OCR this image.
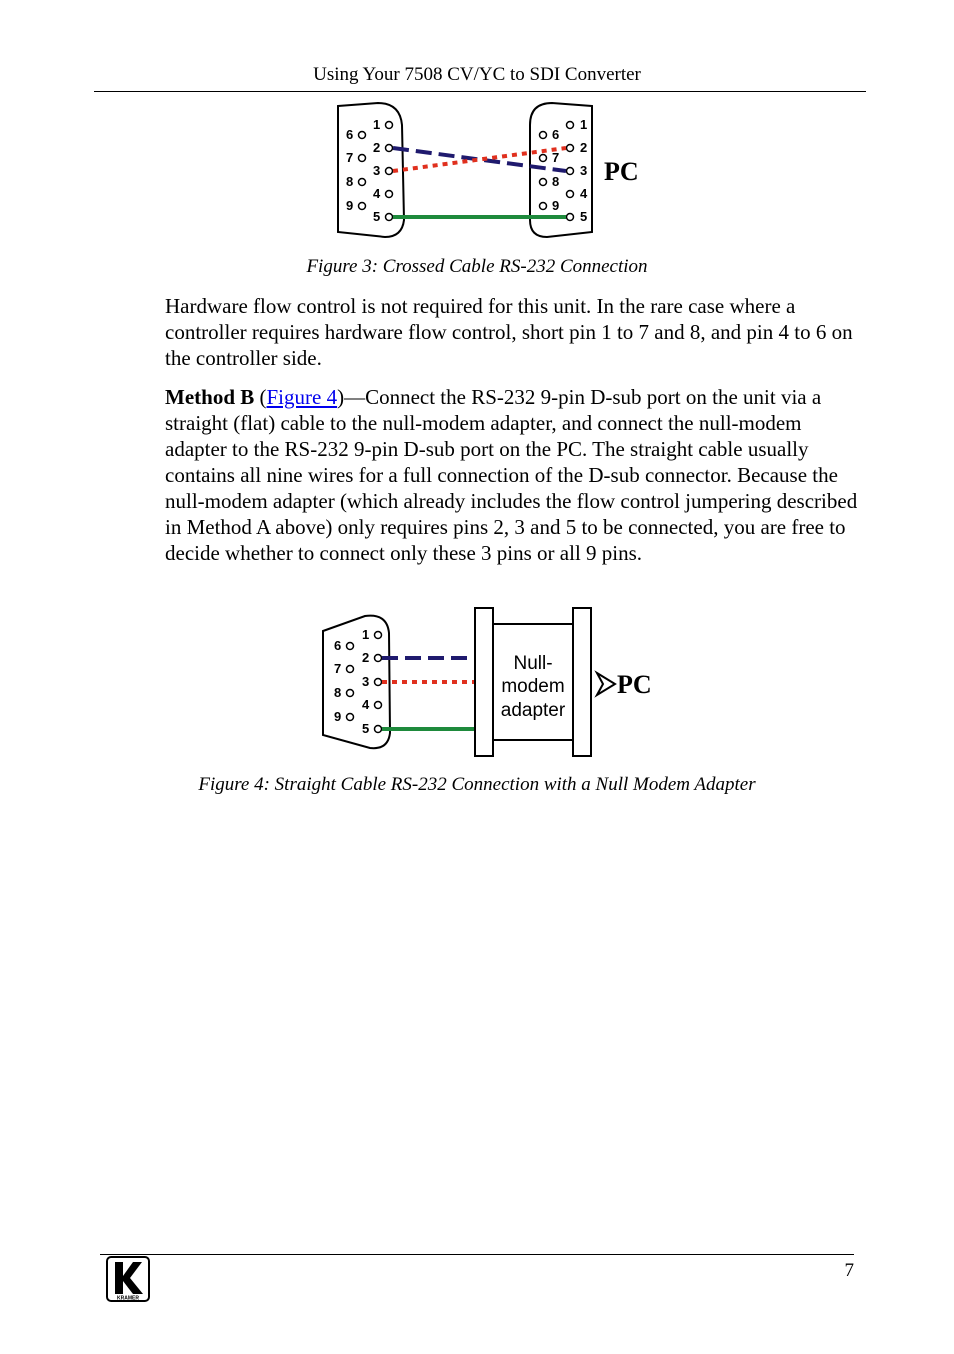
Using Your 7508 CV/YC to SDI Converter
1
2
3
4
5
6
7
8
9
1
2
3
4
5
6
7
8
9
PC
Figure 3: Crossed Cable RS-232 Connection

Hardware flow control is not required for this unit. In the rare case where a controller requires hardware flow control, short pin 1 to 7 and 8, and pin 4 to 6 on the controller side.

Method B (Figure 4)—Connect the RS-232 9-pin D-sub port on the unit via a straight (flat) cable to the null-modem adapter, and connect the null-modem adapter to the RS-232 9-pin D-sub port on the PC. The straight cable usually contains all nine wires for a full connection of the D-sub connector. Because the null-modem adapter (which already includes the flow control jumpering described in Method A above) only requires pins 2, 3 and 5 to be connected, you are free to decide whether to connect only these 3 pins or all 9 pins.

1
2
3
4
5
6
7
8
9
Null-
modem
adapter
PC
Figure 4: Straight Cable RS-232 Connection with a Null Modem Adapter
KRAMER
7
